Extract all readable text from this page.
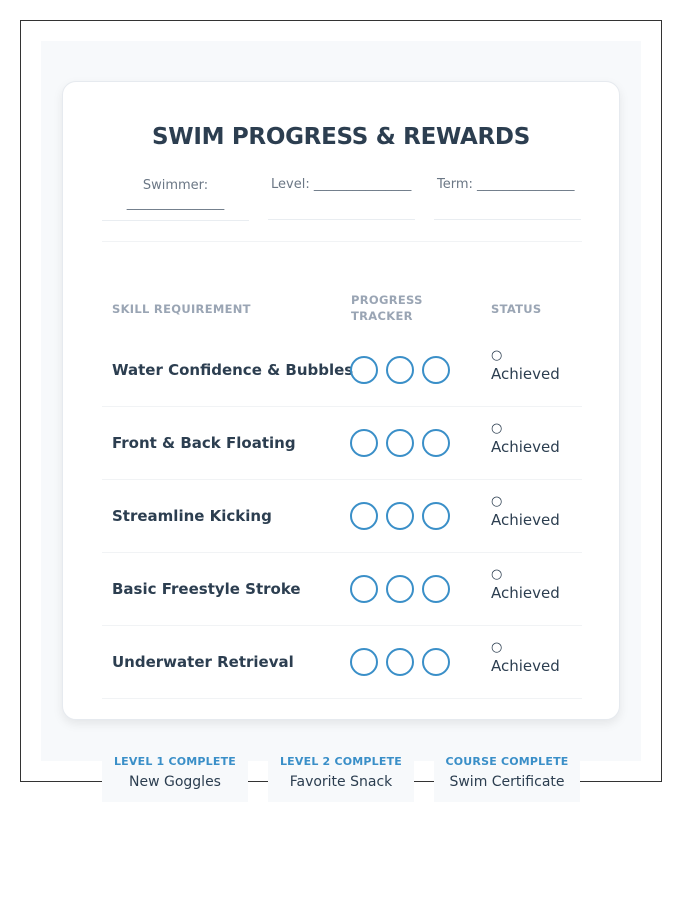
SWIM PROGRESS & REWARDS
Swimmer:
_______________
Level: _______________ Term: _______________
SKILL REQUIREMENT
PROGRESS
TRACKER	STATUS
Water Confidence & Bubbles
○
Achieved
Front & Back Floating
○
Achieved
Streamline Kicking
○
Achieved
Basic Freestyle Stroke
○
Achieved
Underwater Retrieval
○
Achieved
LEVEL 1 COMPLETE
New Goggles
LEVEL 2 COMPLETE
Favorite Snack
COURSE COMPLETE
Swim Certificate
